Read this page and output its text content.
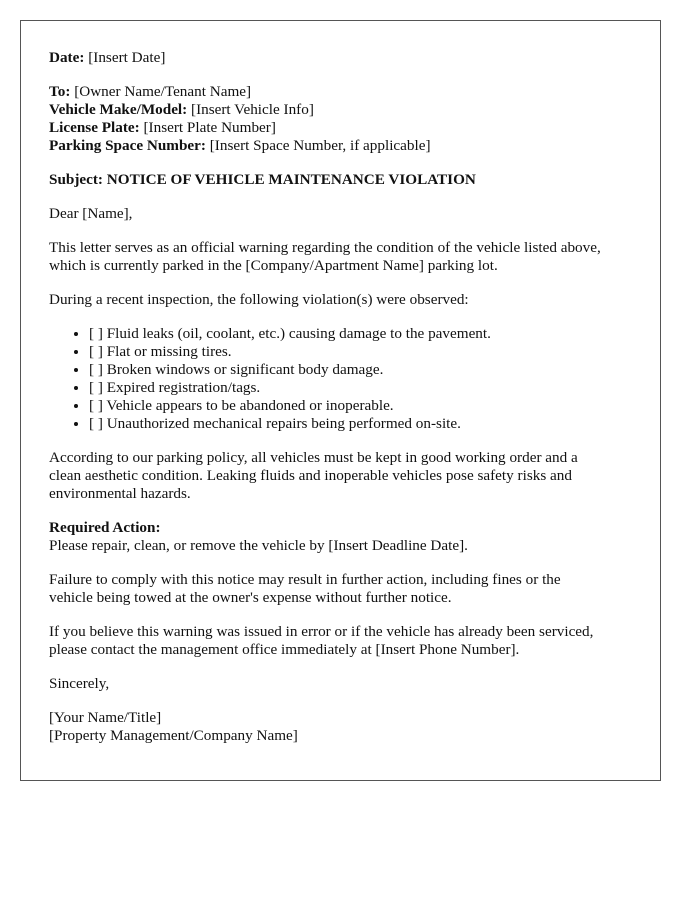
Date: [Insert Date]

To: [Owner Name/Tenant Name]
Vehicle Make/Model: [Insert Vehicle Info]
License Plate: [Insert Plate Number]
Parking Space Number: [Insert Space Number, if applicable]

Subject: NOTICE OF VEHICLE MAINTENANCE VIOLATION

Dear [Name],

This letter serves as an official warning regarding the condition of the vehicle listed above,
which is currently parked in the [Company/Apartment Name] parking lot.

During a recent inspection, the following violation(s) were observed:

• [ ] Fluid leaks (oil, coolant, etc.) causing damage to the pavement.
• [ ] Flat or missing tires.
• [ ] Broken windows or significant body damage.
• [ ] Expired registration/tags.
• [ ] Vehicle appears to be abandoned or inoperable.
• [ ] Unauthorized mechanical repairs being performed on-site.

According to our parking policy, all vehicles must be kept in good working order and a
clean aesthetic condition. Leaking fluids and inoperable vehicles pose safety risks and
environmental hazards.

Required Action:
Please repair, clean, or remove the vehicle by [Insert Deadline Date].

Failure to comply with this notice may result in further action, including fines or the
vehicle being towed at the owner's expense without further notice.

If you believe this warning was issued in error or if the vehicle has already been serviced,
please contact the management office immediately at [Insert Phone Number].

Sincerely,

[Your Name/Title]
[Property Management/Company Name]
